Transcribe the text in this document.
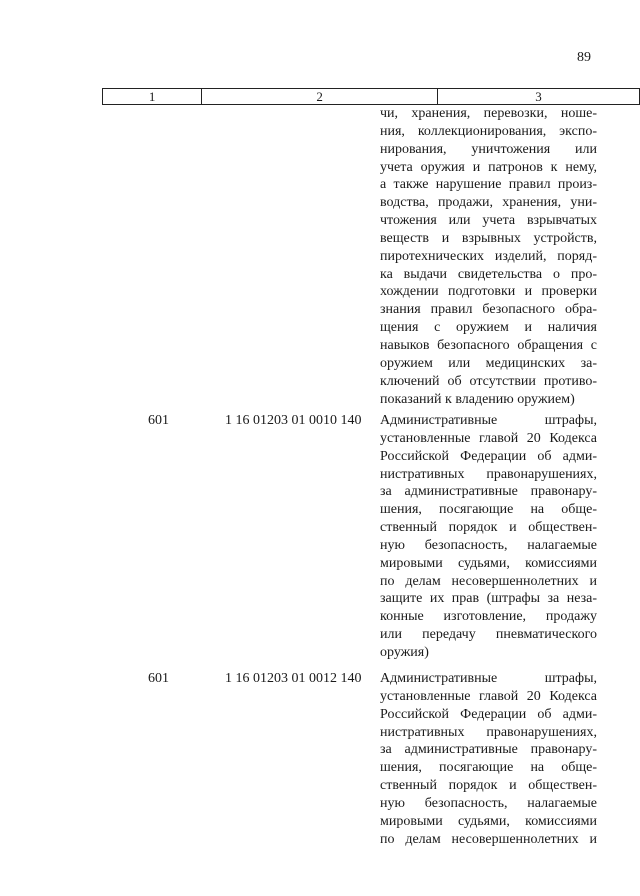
89
1	2	3
чи, хранения, перевозки, ноше-
ния, коллекционирования, экспо-
нирования, уничтожения или
учета оружия и патронов к нему,
а также нарушение правил произ-
водства, продажи, хранения, уни-
чтожения или учета взрывчатых
веществ и взрывных устройств,
пиротехнических изделий, поряд-
ка выдачи свидетельства о про-
хождении подготовки и проверки
знания правил безопасного обра-
щения с оружием и наличия
навыков безопасного обращения с
оружием или медицинских за-
ключений об отсутствии противо-
показаний к владению оружием)
601	1 16 01203 01 0010 140 Административные штрафы,
установленные главой 20 Кодекса
Российской Федерации об адми-
нистративных правонарушениях,
за административные правонару-
шения, посягающие на обще-
ственный порядок и обществен-
ную безопасность, налагаемые
мировыми судьями, комиссиями
по делам несовершеннолетних и
защите их прав (штрафы за неза-
конные изготовление, продажу
или передачу пневматического
оружия)
601	1 16 01203 01 0012 140 Административные штрафы,
установленные главой 20 Кодекса
Российской Федерации об адми-
нистративных правонарушениях,
за административные правонару-
шения, посягающие на обще-
ственный порядок и обществен-
ную безопасность, налагаемые
мировыми судьями, комиссиями
по делам несовершеннолетних и
